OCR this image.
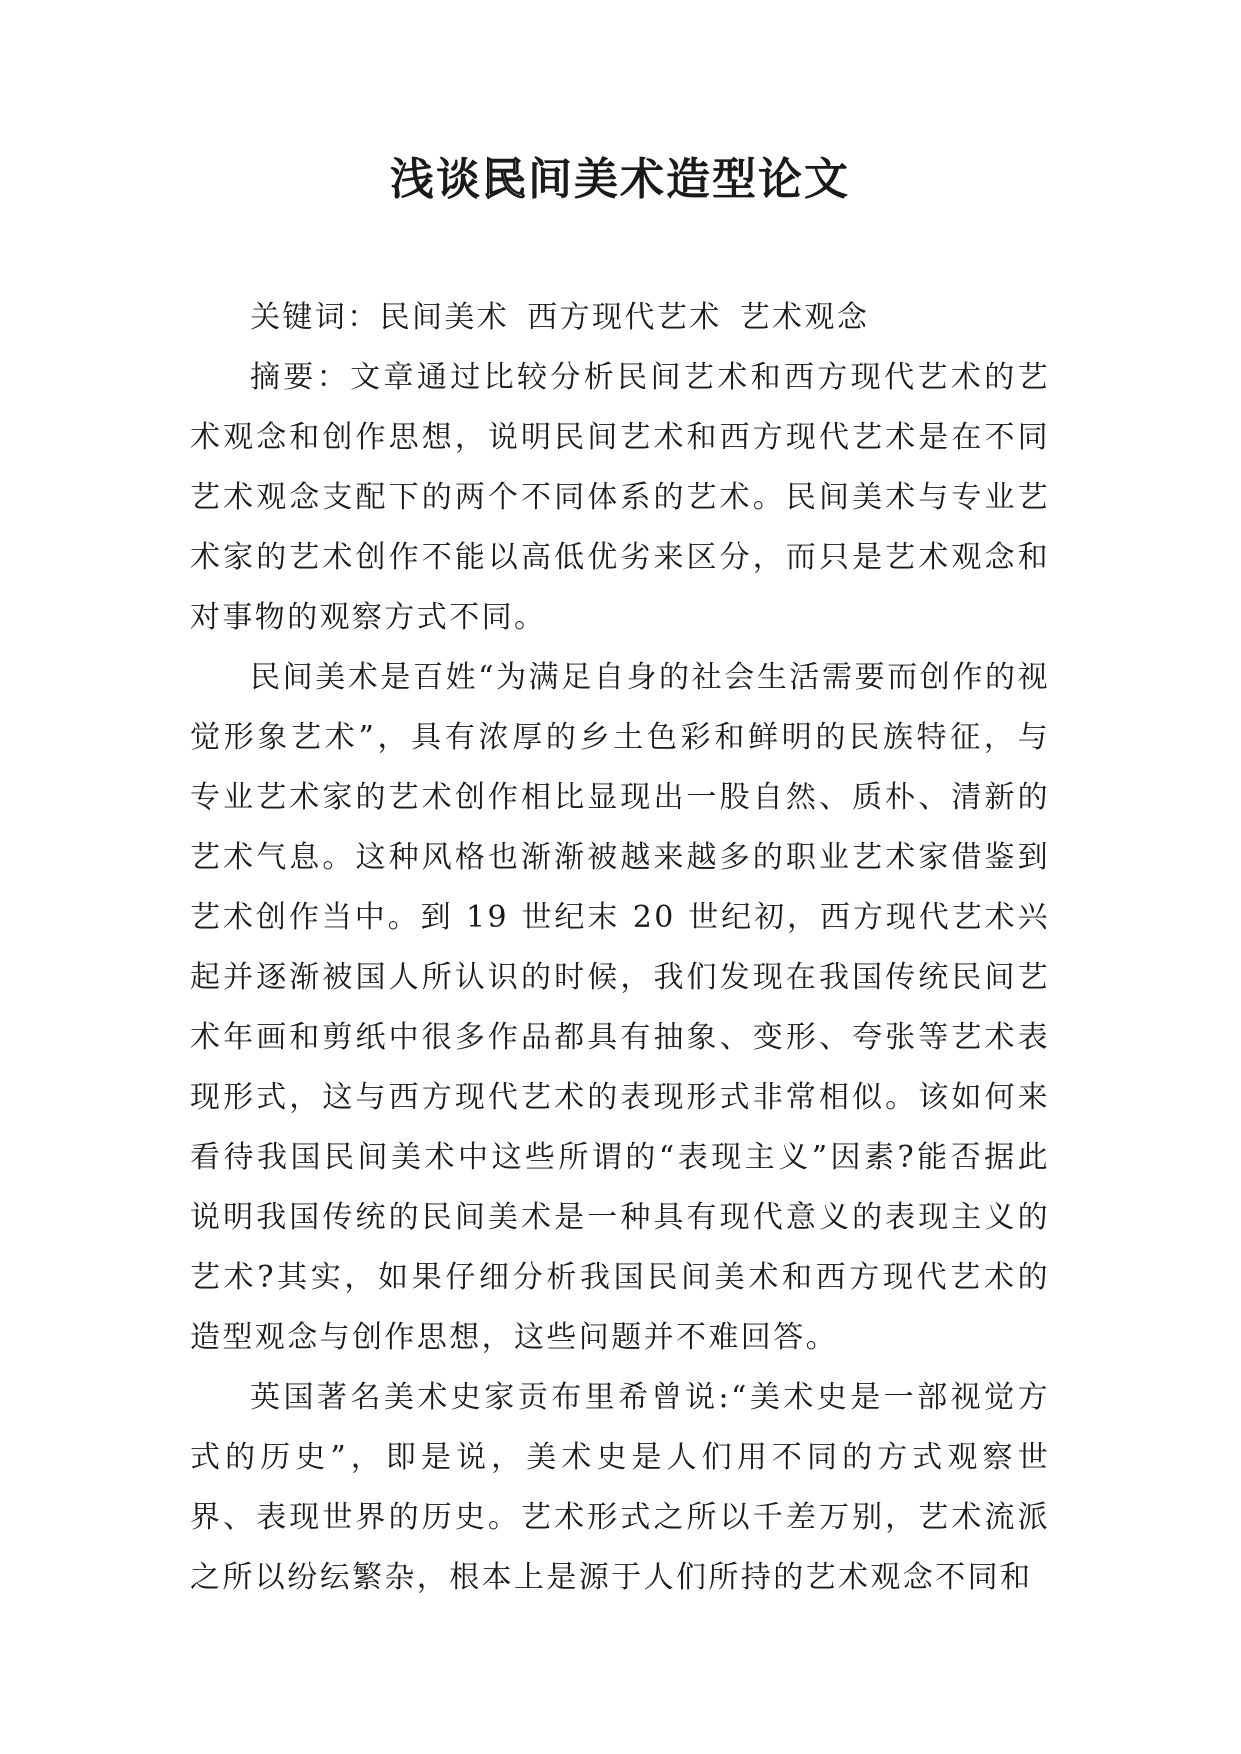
浅谈民间美术造型论文

关键词：民间美术 西方现代艺术 艺术观念

摘要：文章通过比较分析民间艺术和西方现代艺术的艺术观念和创作思想，说明民间艺术和西方现代艺术是在不同艺术观念支配下的两个不同体系的艺术。民间美术与专业艺术家的艺术创作不能以高低优劣来区分，而只是艺术观念和对事物的观察方式不同。

民间美术是百姓“为满足自身的社会生活需要而创作的视觉形象艺术”，具有浓厚的乡土色彩和鲜明的民族特征，与专业艺术家的艺术创作相比显现出一股自然、质朴、清新的艺术气息。这种风格也渐渐被越来越多的职业艺术家借鉴到艺术创作当中。到 19 世纪末 20 世纪初，西方现代艺术兴起并逐渐被国人所认识的时候，我们发现在我国传统民间艺术年画和剪纸中很多作品都具有抽象、变形、夸张等艺术表现形式，这与西方现代艺术的表现形式非常相似。该如何来看待我国民间美术中这些所谓的“表现主义”因素?能否据此说明我国传统的民间美术是一种具有现代意义的表现主义的艺术?其实，如果仔细分析我国民间美术和西方现代艺术的造型观念与创作思想，这些问题并不难回答。

英国著名美术史家贡布里希曾说:“美术史是一部视觉方式的历史”，即是说，美术史是人们用不同的方式观察世界、表现世界的历史。艺术形式之所以千差万别，艺术流派之所以纷纭繁杂，根本上是源于人们所持的艺术观念不同和
